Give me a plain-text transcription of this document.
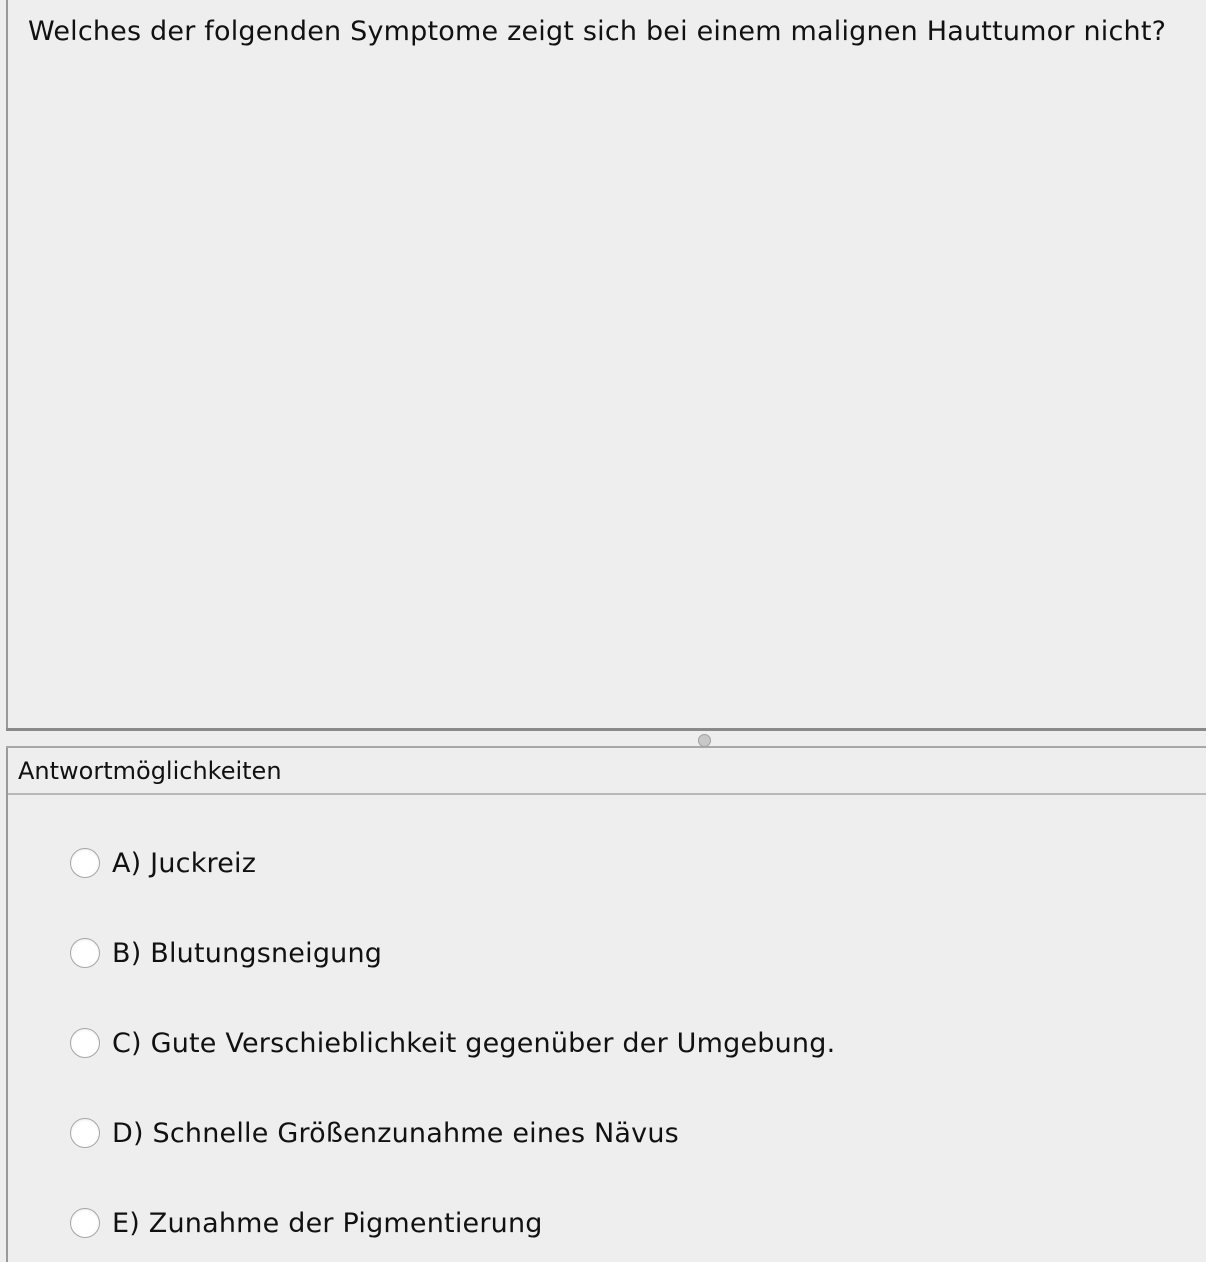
Welches der folgenden Symptome zeigt sich bei einem malignen Hauttumor nicht?
Antwortmöglichkeiten
A) Juckreiz
B) Blutungsneigung
C) Gute Verschieblichkeit gegenüber der Umgebung.
D) Schnelle Größenzunahme eines Nävus
E) Zunahme der Pigmentierung
